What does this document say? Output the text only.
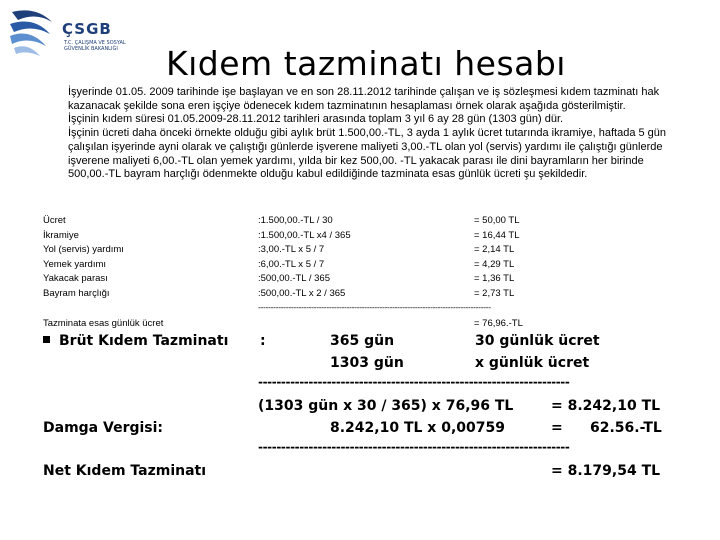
ÇSGB
T.C. ÇALIŞMA VE SOSYAL GÜVENLİK BAKANLIĞI	Kıdem tazminatı hesabı

İşyerinde 01.05. 2009 tarihinde işe başlayan ve en son 28.11.2012 tarihinde çalışan ve iş sözleşmesi kıdem tazminatı hak kazanacak şekilde sona eren işçiye ödenecek kıdem tazminatının hesaplaması örnek olarak aşağıda gösterilmiştir.

İşçinin kıdem süresi 01.05.2009-28.11.2012 tarihleri arasında toplam 3 yıl 6 ay 28 gün (1303 gün) dür.

İşçinin ücreti daha önceki örnekte olduğu gibi aylık brüt 1.500,00.-TL, 3 ayda 1 aylık ücret tutarında ikramiye, haftada 5 gün çalışılan işyerinde ayni olarak ve çalıştığı günlerde işverene maliyeti 3,00.-TL olan yol (servis) yardımı ile çalıştığı günlerde işverene maliyeti 6,00.-TL olan yemek yardımı, yılda bir kez 500,00. -TL yakacak parası ile dini bayramların her birinde 500,00.-TL bayram harçlığı ödenmekte olduğu kabul edildiğinde tazminata esas günlük ücreti şu şekildedir.

Ücret	:1.500,00.-TL / 30	= 50,00 TL
İkramiye	:1.500,00.-TL x4 / 365	= 16,44 TL
Yol (servis) yardımı	:3,00.-TL x 5 / 7	= 2,14 TL
Yemek yardımı	:6,00.-TL x 5 / 7	= 4,29 TL
Yakacak parası	:500,00.-TL / 365	= 1,36 TL
Bayram harçlığı	:500,00.-TL x 2 / 365	= 2,73 TL
--------------------------------------------------------------------------------------------
Tazminata esas günlük ücret	= 76,96.-TL
Brüt Kıdem Tazminatı :	365 gün	30 günlük ücret
1303 gün	x günlük ücret
--------------------------------------------------------------------
(1303 gün x 30 / 365) x 76,96 TL	= 8.242,10 TL
Damga Vergisi:	8.242,10 TL x 0,00759	= 62.56.-TL
--------------------------------------------------------------------
Net Kıdem Tazminatı	= 8.179,54 TL
